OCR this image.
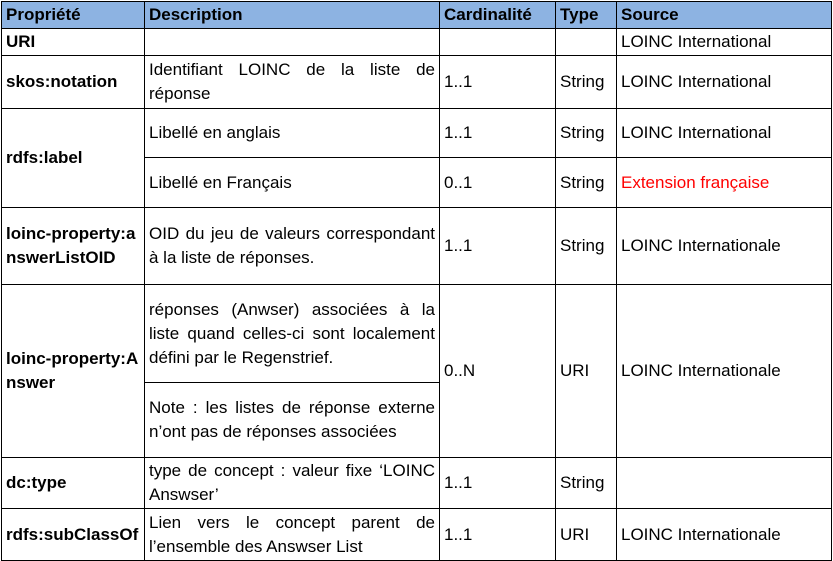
Propriété	Description	Cardinalité	Type	Source
URI				LOINC International
skos:notation	Identifiant LOINC de la liste de réponse	1..1	String	LOINC International
rdfs:label	Libellé en anglais	1..1	String	LOINC International
	Libellé en Français	0..1	String	Extension française
loinc-property:answerListOID	OID du jeu de valeurs correspondant à la liste de réponses.	1..1	String	LOINC Internationale
loinc-property:Answer	réponses (Anwser) associées à la liste quand celles-ci sont localement défini par le Regenstrief.	0..N	URI	LOINC Internationale
	Note : les listes de réponse externe n’ont pas de réponses associées			
dc:type	type de concept : valeur fixe ‘LOINC Answser’	1..1	String	
rdfs:subClassOf	Lien vers le concept parent de l’ensemble des Answser List	1..1	URI	LOINC Internationale
